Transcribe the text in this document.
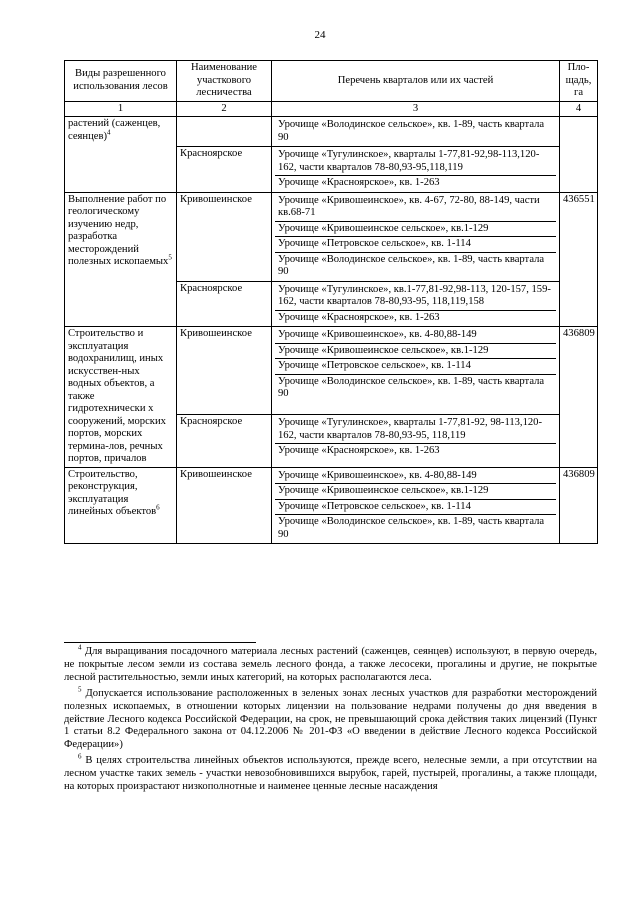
24
Виды разрешенного использования лесов	Наименование участкового лесничества	Перечень кварталов или их частей	Пло-щадь, га
1	2	3	4
растений (саженцев, сеянцев)$^4$		Урочище «Володинское сельское», кв. 1-89, часть квартала 90	

	Красноярское	Урочище «Тугулинское», кварталы 1-77,81-92,98-113,120-162, части кварталов 78-80,93-95,118,119
Урочище «Красноярское», кв. 1-263	

Выполнение работ по геологическому изучению недр, разработка месторождений полезных ископаемых$^5$	Кривошеинское	Урочище «Кривошеинское», кв. 4-67, 72-80, 88-149, части кв.68-71
Урочище «Кривошеинское сельское», кв.1-129
Урочище «Петровское сельское», кв. 1-114
Урочище «Володинское сельское», кв. 1-89, часть квартала 90	436551
	Красноярское	Урочище «Тугулинское», кв.1-77,81-92,98-113, 120-157, 159-162, части кварталов 78-80,93-95, 118,119,158
Урочище «Красноярское», кв. 1-263	

Строительство и эксплуатация водохранилищ, иных искусствен-ных водных объектов, а также гидротехнически х сооружений, морских портов, морских термина-лов, речных портов, причалов	Кривошеинское	Урочище «Кривошеинское», кв. 4-80,88-149
Урочище «Кривошеинское сельское», кв.1-129
Урочище «Петровское сельское», кв. 1-114
Урочище «Володинское сельское», кв. 1-89, часть квартала 90	436809
	Красноярское	Урочище «Тугулинское», кварталы 1-77,81-92, 98-113,120-162, части кварталов 78-80,93-95, 118,119
Урочище «Красноярское», кв. 1-263	

Строительство, реконструкция, эксплуатация линейных объектов$^6$	Кривошеинское	Урочище «Кривошеинское», кв. 4-80,88-149
Урочище «Кривошеинское сельское», кв.1-129
Урочище «Петровское сельское», кв. 1-114
Урочище «Володинское сельское», кв. 1-89, часть квартала 90	436809
$^4$ Для выращивания посадочного материала лесных растений (саженцев, сеянцев) используют, в первую очередь, не покрытые лесом земли из состава земель лесного фонда, а также лесосеки, прогалины и другие, не покрытые лесной растительностью, земли иных категорий, на которых располагаются леса.
$^5$ Допускается использование расположенных в зеленых зонах лесных участков для разработки месторождений полезных ископаемых, в отношении которых лицензии на пользование недрами получены до дня введения в действие Лесного кодекса Российской Федерации, на срок, не превышающий срока действия таких лицензий (Пункт 1 статьи 8.2 Федерального закона от 04.12.2006 № 201-ФЗ «О введении в действие Лесного кодекса Российской Федерации»)
$^6$ В целях строительства линейных объектов используются, прежде всего, нелесные земли, а при отсутствии на лесном участке таких земель - участки невозобновившихся вырубок, гарей, пустырей, прогалины, а также площади, на которых произрастают низкополнотные и наименее ценные лесные насаждения
